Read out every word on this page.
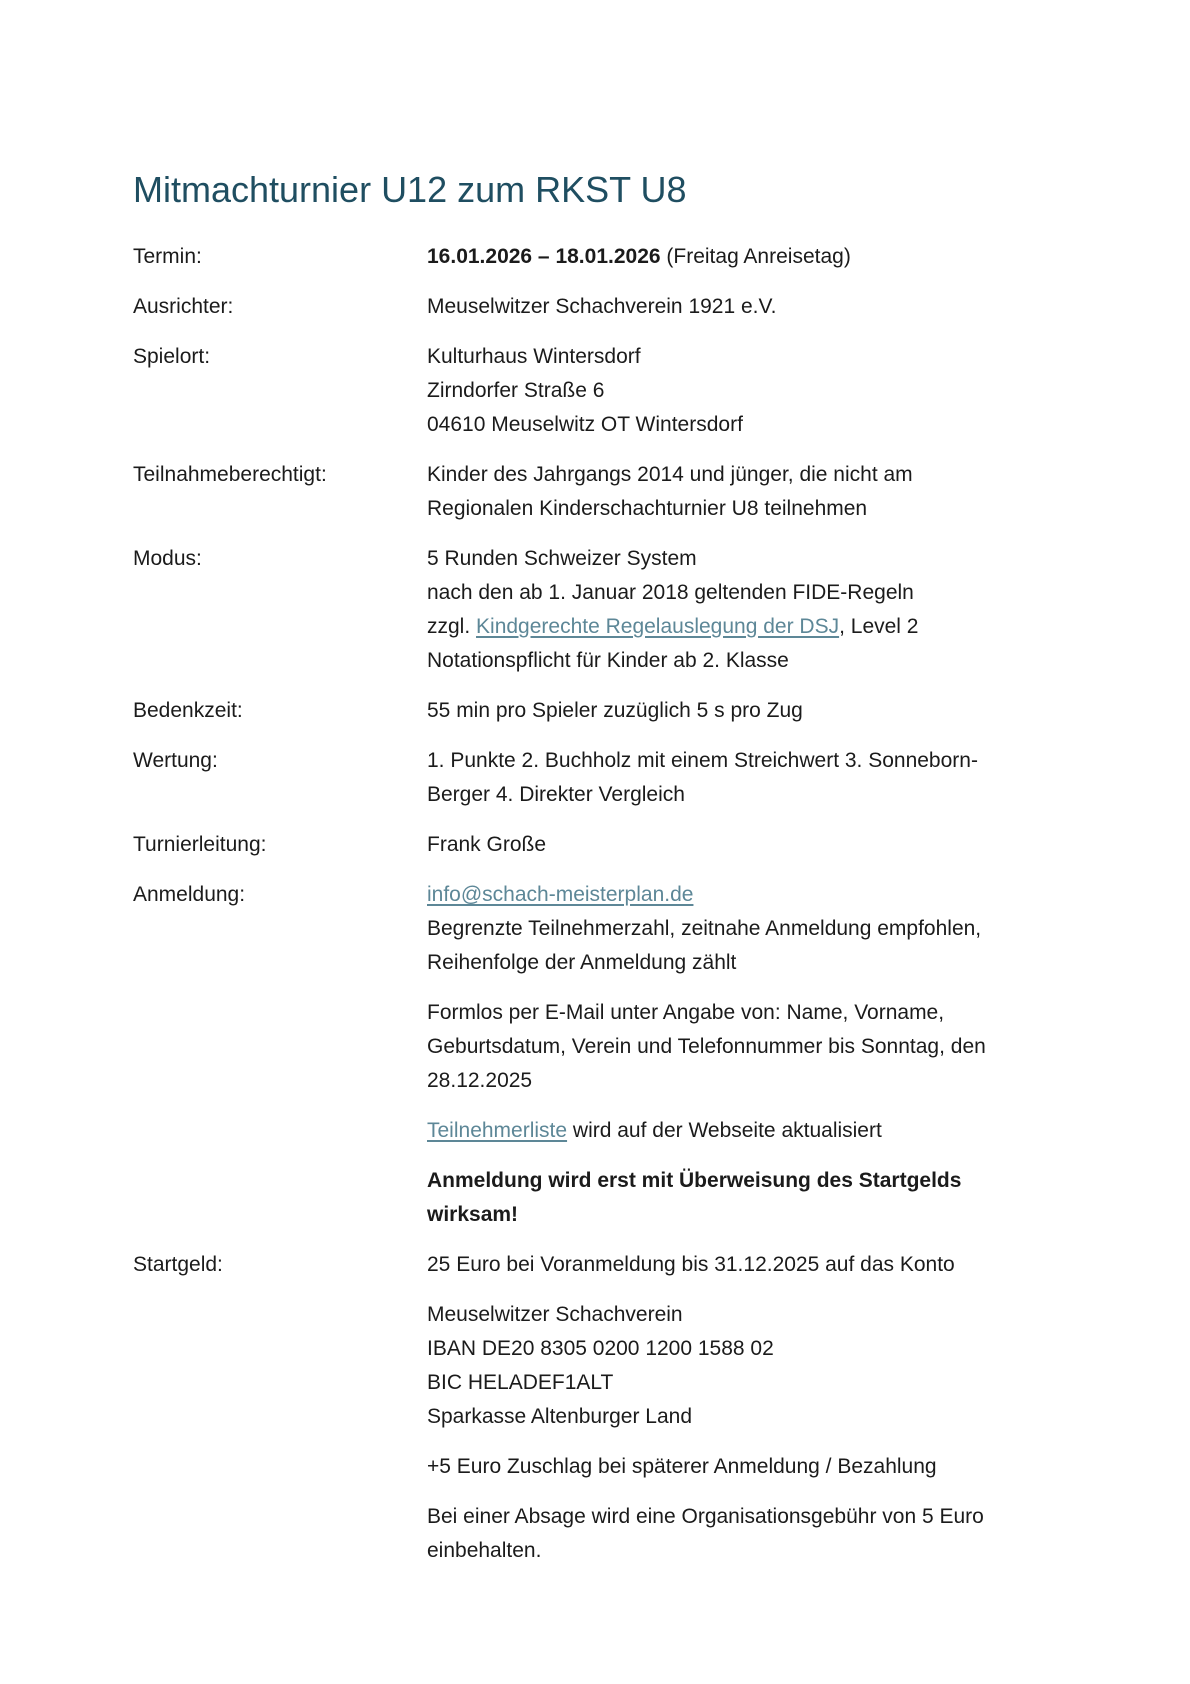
Mitmachturnier U12 zum RKST U8
Termin:	16.01.2026 – 18.01.2026 (Freitag Anreisetag)

Ausrichter:	Meuselwitzer Schachverein 1921 e.V.

Spielort:	Kulturhaus Wintersdorf
Zirndorfer Straße 6
04610 Meuselwitz OT Wintersdorf

Teilnahmeberechtigt:	Kinder des Jahrgangs 2014 und jünger, die nicht am
Regionalen Kinderschachturnier U8 teilnehmen

Modus:	5 Runden Schweizer System
nach den ab 1. Januar 2018 geltenden FIDE-Regeln
zzgl. Kindgerechte Regelauslegung der DSJ, Level 2
Notationspflicht für Kinder ab 2. Klasse

Bedenkzeit:	55 min pro Spieler zuzüglich 5 s pro Zug

Wertung:	1. Punkte 2. Buchholz mit einem Streichwert 3. Sonneborn-
Berger 4. Direkter Vergleich

Turnierleitung:	Frank Große

Anmeldung:	info@schach-meisterplan.de
Begrenzte Teilnehmerzahl, zeitnahe Anmeldung empfohlen,
Reihenfolge der Anmeldung zählt

Formlos per E-Mail unter Angabe von: Name, Vorname,
Geburtsdatum, Verein und Telefonnummer bis Sonntag, den
28.12.2025

Teilnehmerliste wird auf der Webseite aktualisiert

Anmeldung wird erst mit Überweisung des Startgelds
wirksam!

Startgeld:	25 Euro bei Voranmeldung bis 31.12.2025 auf das Konto

Meuselwitzer Schachverein
IBAN DE20 8305 0200 1200 1588 02
BIC HELADEF1ALT
Sparkasse Altenburger Land

+5 Euro Zuschlag bei späterer Anmeldung / Bezahlung

Bei einer Absage wird eine Organisationsgebühr von 5 Euro
einbehalten.
